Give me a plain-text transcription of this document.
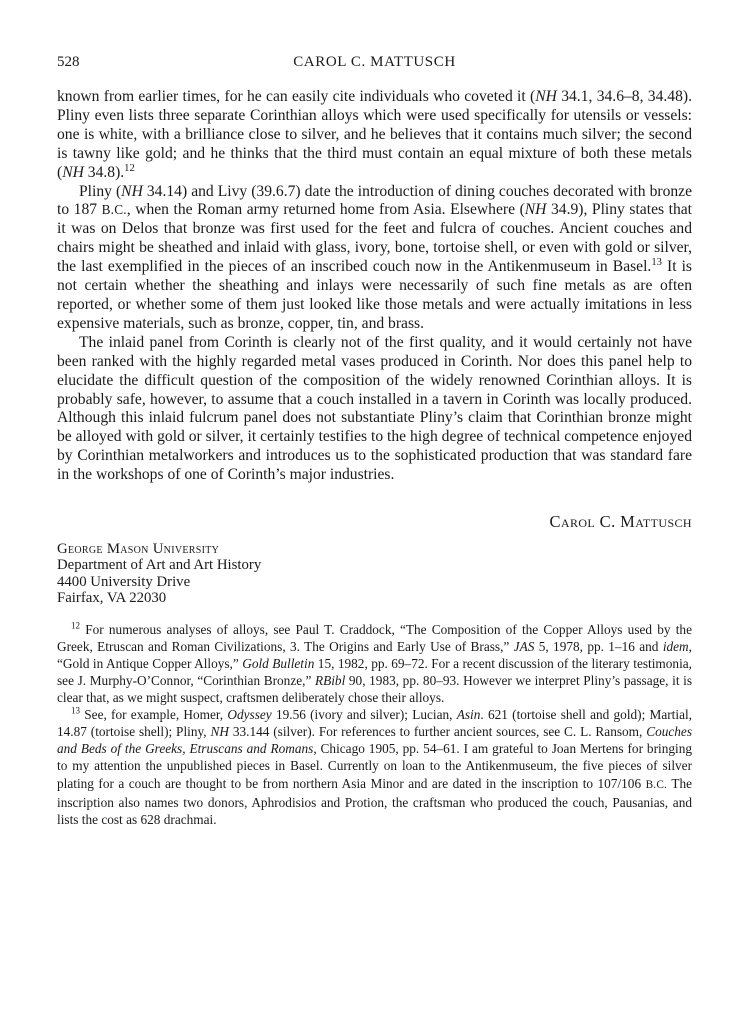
528	CAROL C. MATTUSCH

known from earlier times, for he can easily cite individuals who coveted it (NH 34.1, 34.6–8, 34.48). Pliny even lists three separate Corinthian alloys which were used specifically for utensils or vessels: one is white, with a brilliance close to silver, and he believes that it contains much silver; the second is tawny like gold; and he thinks that the third must contain an equal mixture of both these metals (NH 34.8).$^{12}$

Pliny (NH 34.14) and Livy (39.6.7) date the introduction of dining couches decorated with bronze to 187 B.C., when the Roman army returned home from Asia. Elsewhere (NH 34.9), Pliny states that it was on Delos that bronze was first used for the feet and fulcra of couches. Ancient couches and chairs might be sheathed and inlaid with glass, ivory, bone, tortoise shell, or even with gold or silver, the last exemplified in the pieces of an inscribed couch now in the Antikenmuseum in Basel.$^{13}$ It is not certain whether the sheathing and inlays were necessarily of such fine metals as are often reported, or whether some of them just looked like those metals and were actually imitations in less expensive materials, such as bronze, copper, tin, and brass.

The inlaid panel from Corinth is clearly not of the first quality, and it would certainly not have been ranked with the highly regarded metal vases produced in Corinth. Nor does this panel help to elucidate the difficult question of the composition of the widely renowned Corinthian alloys. It is probably safe, however, to assume that a couch installed in a tavern in Corinth was locally produced. Although this inlaid fulcrum panel does not substantiate Pliny’s claim that Corinthian bronze might be alloyed with gold or silver, it certainly testifies to the high degree of technical competence enjoyed by Corinthian metalworkers and introduces us to the sophisticated production that was standard fare in the workshops of one of Corinth’s major industries.

Carol C. Mattusch
George Mason University
Department of Art and Art History
4400 University Drive
Fairfax, VA 22030

$^{12}$ For numerous analyses of alloys, see Paul T. Craddock, “The Composition of the Copper Alloys used by the Greek, Etruscan and Roman Civilizations, 3. The Origins and Early Use of Brass,” JAS 5, 1978, pp. 1–16 and idem, “Gold in Antique Copper Alloys,” Gold Bulletin 15, 1982, pp. 69–72. For a recent discussion of the literary testimonia, see J. Murphy-O’Connor, “Corinthian Bronze,” RBibl 90, 1983, pp. 80–93. However we interpret Pliny’s passage, it is clear that, as we might suspect, craftsmen deliberately chose their alloys.

$^{13}$ See, for example, Homer, Odyssey 19.56 (ivory and silver); Lucian, Asin. 621 (tortoise shell and gold); Martial, 14.87 (tortoise shell); Pliny, NH 33.144 (silver). For references to further ancient sources, see C. L. Ransom, Couches and Beds of the Greeks, Etruscans and Romans, Chicago 1905, pp. 54–61. I am grateful to Joan Mertens for bringing to my attention the unpublished pieces in Basel. Currently on loan to the Antikenmuseum, the five pieces of silver plating for a couch are thought to be from northern Asia Minor and are dated in the inscription to 107/106 B.C. The inscription also names two donors, Aphrodisios and Protion, the craftsman who produced the couch, Pausanias, and lists the cost as 628 drachmai.
